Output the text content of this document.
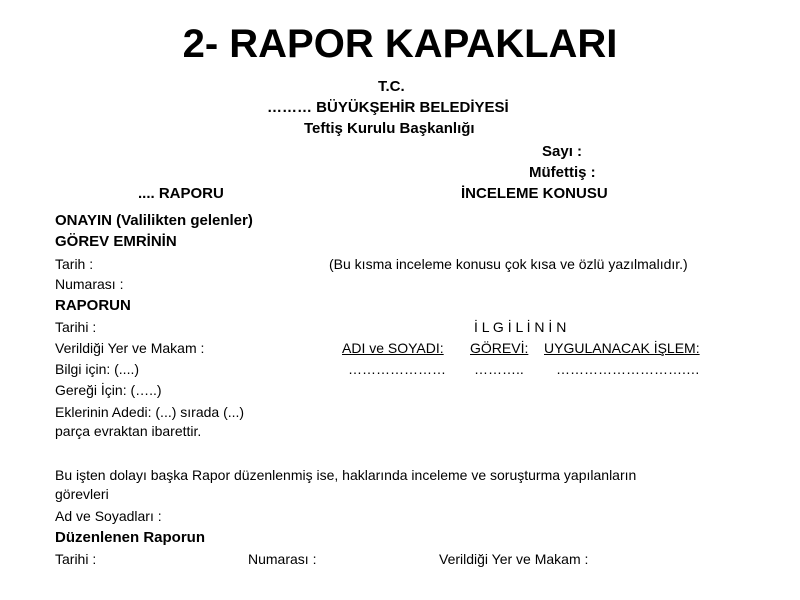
2- RAPOR KAPAKLARI
T.C.
……… BÜYÜKŞEHİR BELEDİYESİ
Teftiş Kurulu Başkanlığı
Sayı :
Müfettiş :
.... RAPORU	İNCELEME KONUSU
ONAYIN (Valilikten gelenler)
GÖREV EMRİNİN
Tarih :	(Bu kısma inceleme konusu çok kısa ve özlü yazılmalıdır.)
Numarası :
RAPORUN
Tarihi :	İ L G İ L İ N İ N
Verildiği Yer ve Makam :	ADI ve SOYADI: GÖREVİ: UYGULANACAK İŞLEM:
Bilgi için: (....)	………………… ……….. ……………………….…
Gereği İçin: (…..)
Eklerinin Adedi: (...) sırada (...)
parça evraktan ibarettir.
Bu işten dolayı başka Rapor düzenlenmiş ise, haklarında inceleme ve soruşturma yapılanların
görevleri
Ad ve Soyadları :
Düzenlenen Raporun
Tarihi :	Numarası :	Verildiği Yer ve Makam :
